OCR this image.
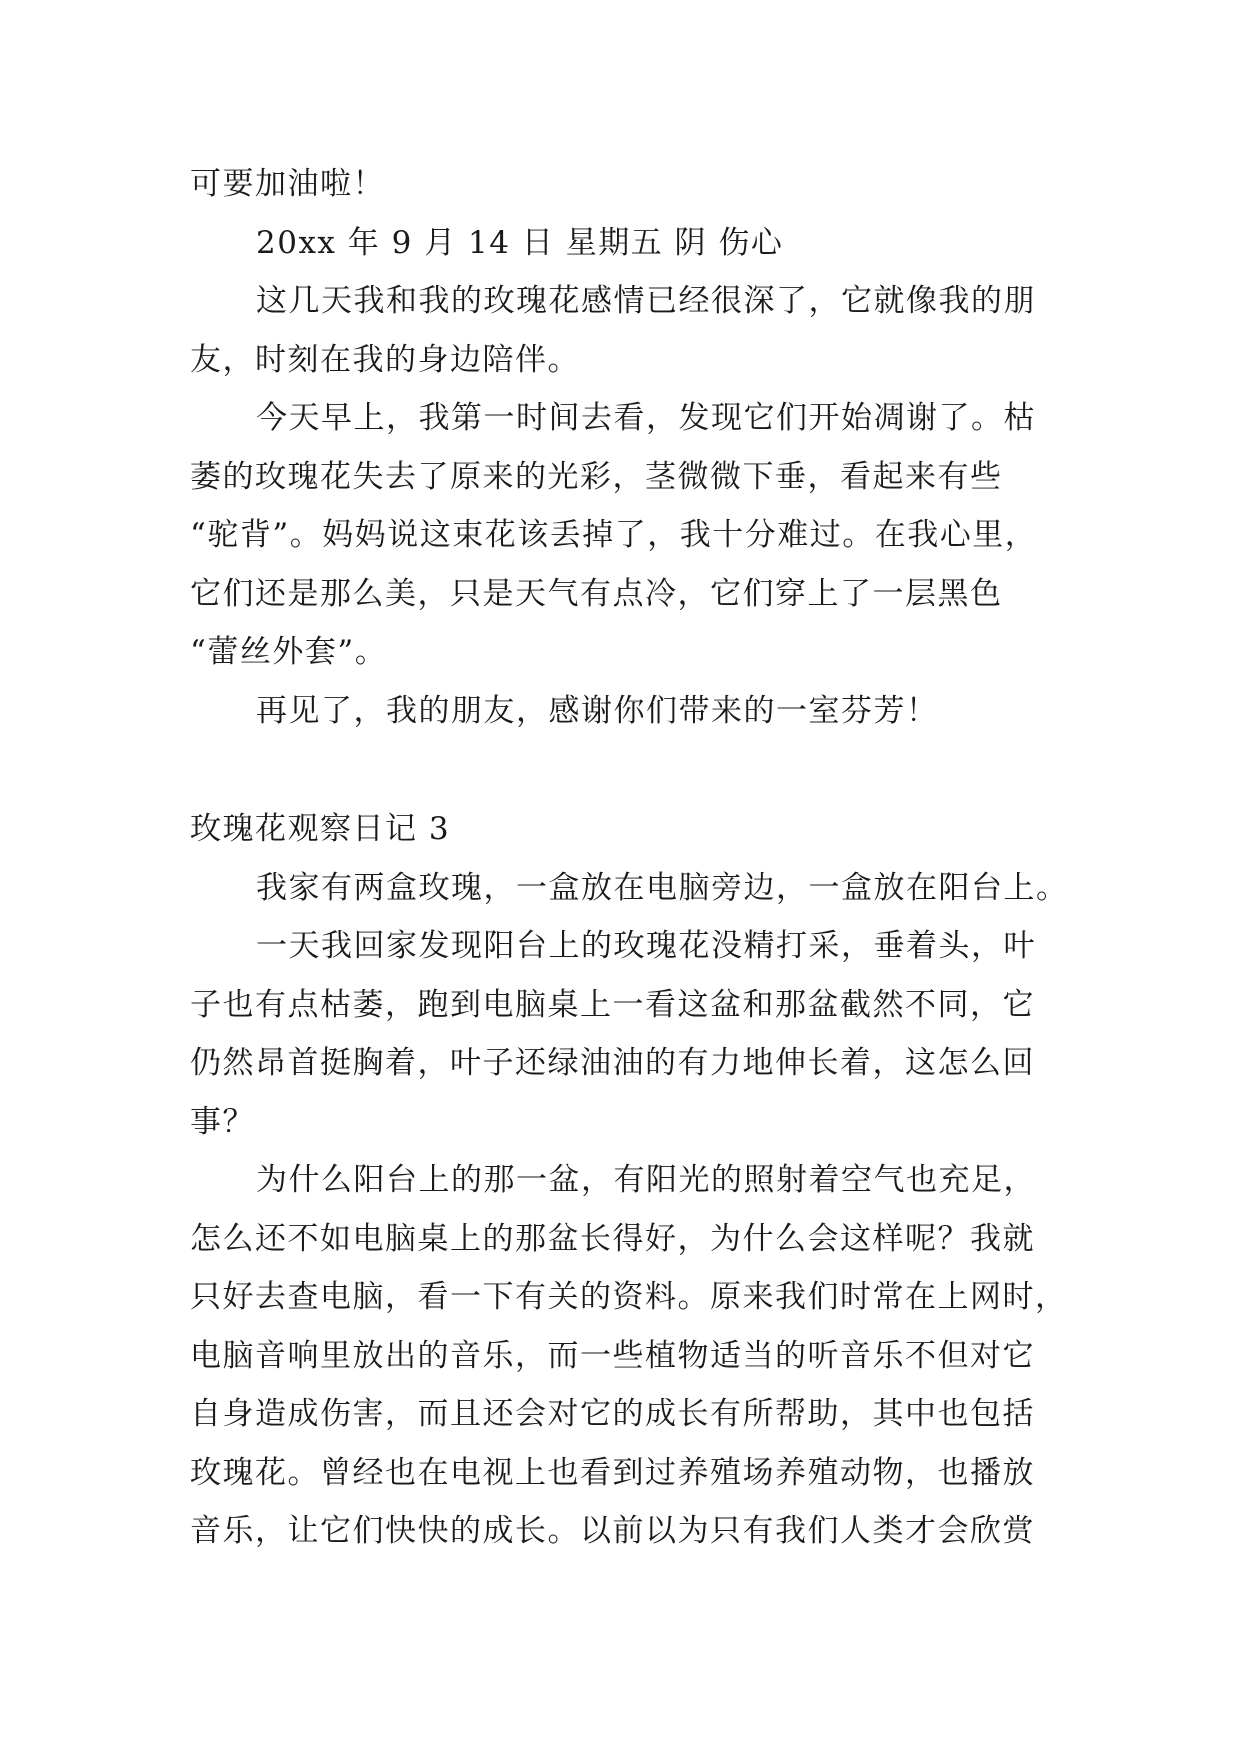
可要加油啦！
20xx 年 9 月 14 日 星期五 阴 伤心
这几天我和我的玫瑰花感情已经很深了，它就像我的朋
友，时刻在我的身边陪伴。
今天早上，我第一时间去看，发现它们开始凋谢了。枯
萎的玫瑰花失去了原来的光彩，茎微微下垂，看起来有些
“驼背”。妈妈说这束花该丢掉了，我十分难过。在我心里，
它们还是那么美，只是天气有点冷，它们穿上了一层黑色
“蕾丝外套”。
再见了，我的朋友，感谢你们带来的一室芬芳！
玫瑰花观察日记 3
我家有两盒玫瑰，一盒放在电脑旁边，一盒放在阳台上。
一天我回家发现阳台上的玫瑰花没精打采，垂着头，叶
子也有点枯萎，跑到电脑桌上一看这盆和那盆截然不同，它
仍然昂首挺胸着，叶子还绿油油的有力地伸长着，这怎么回
事？
为什么阳台上的那一盆，有阳光的照射着空气也充足，
怎么还不如电脑桌上的那盆长得好，为什么会这样呢？我就
只好去查电脑，看一下有关的资料。原来我们时常在上网时，
电脑音响里放出的音乐，而一些植物适当的听音乐不但对它
自身造成伤害，而且还会对它的成长有所帮助，其中也包括
玫瑰花。曾经也在电视上也看到过养殖场养殖动物，也播放
音乐，让它们快快的成长。以前以为只有我们人类才会欣赏
